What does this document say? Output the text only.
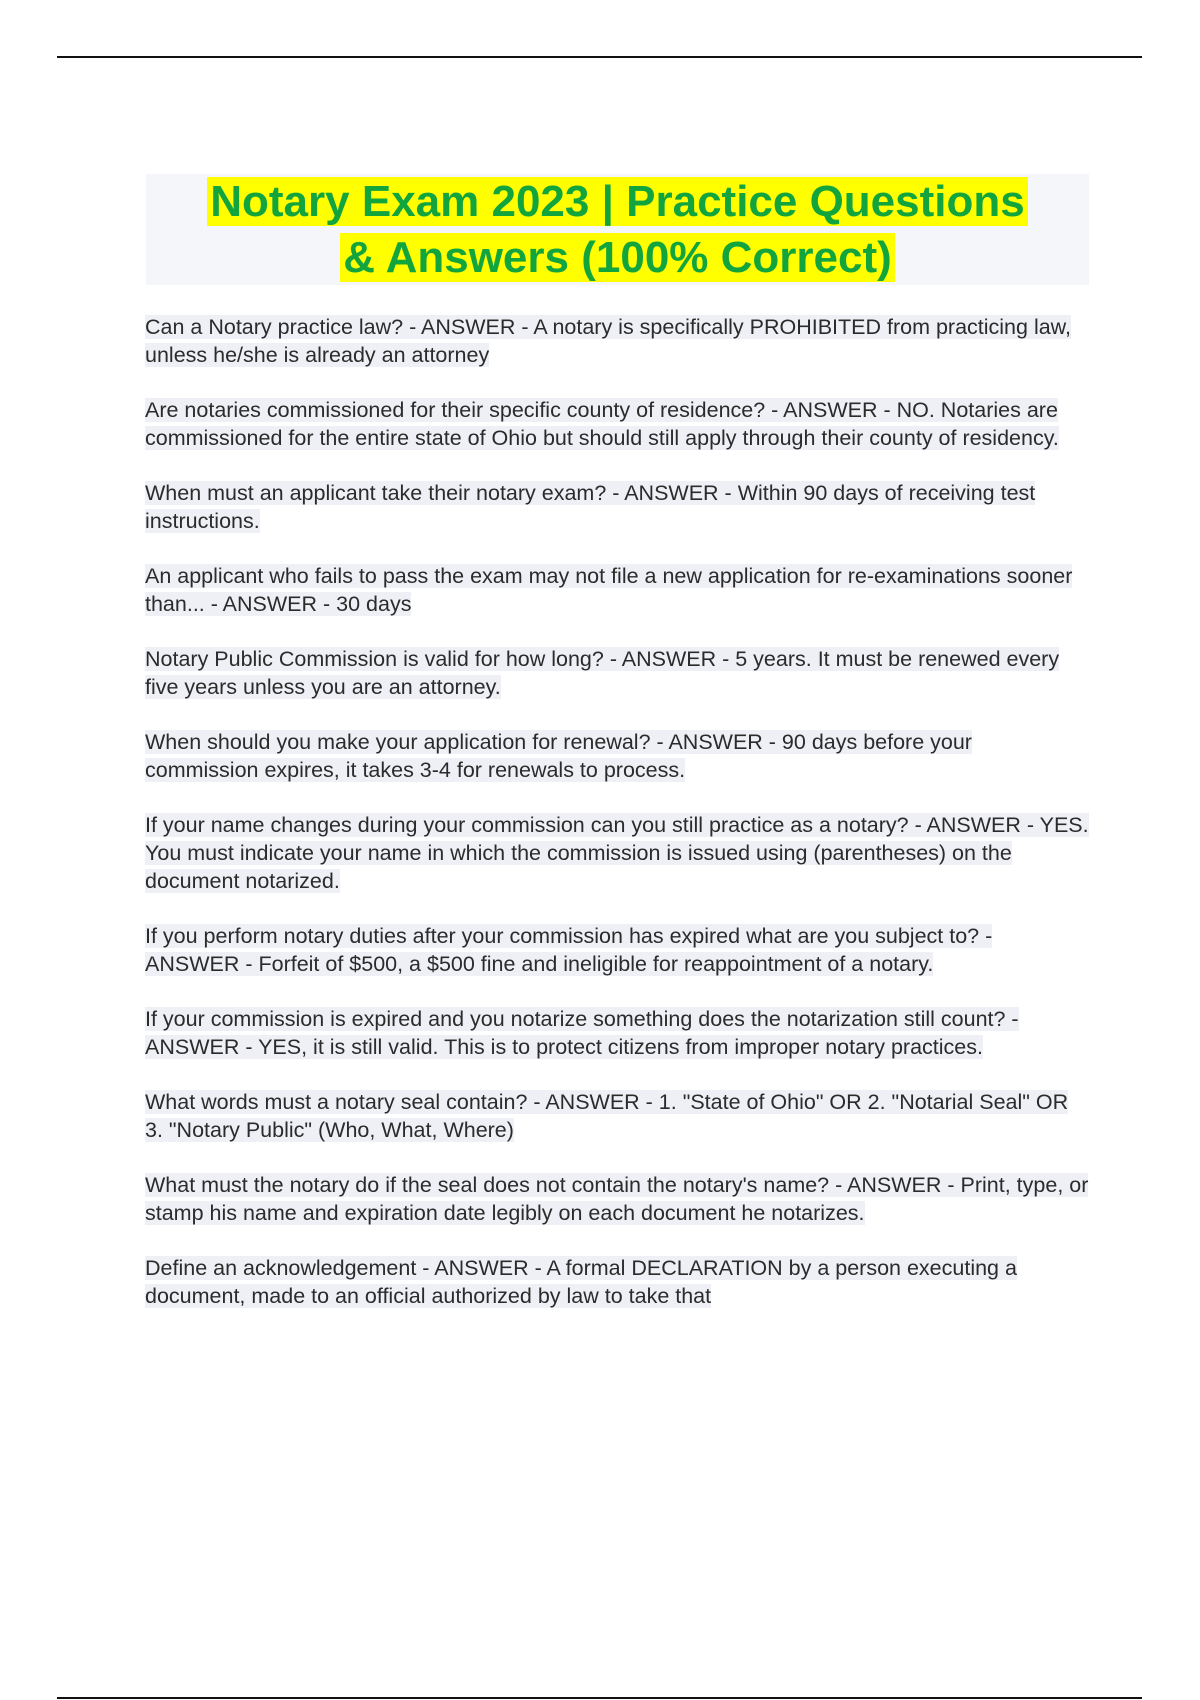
Notary Exam 2023 | Practice Questions
& Answers (100% Correct)

Can a Notary practice law? - ANSWER - A notary is specifically PROHIBITED from practicing law, unless he/she is already an attorney

Are notaries commissioned for their specific county of residence? - ANSWER - NO. Notaries are commissioned for the entire state of Ohio but should still apply through their county of residency.

When must an applicant take their notary exam? - ANSWER - Within 90 days of receiving test instructions.

An applicant who fails to pass the exam may not file a new application for re-examinations sooner than... - ANSWER - 30 days

Notary Public Commission is valid for how long? - ANSWER - 5 years. It must be renewed every five years unless you are an attorney.

When should you make your application for renewal? - ANSWER - 90 days before your commission expires, it takes 3-4 for renewals to process.

If your name changes during your commission can you still practice as a notary? - ANSWER - YES. You must indicate your name in which the commission is issued using (parentheses) on the document notarized.

If you perform notary duties after your commission has expired what are you subject to? - ANSWER - Forfeit of $500, a $500 fine and ineligible for reappointment of a notary.

If your commission is expired and you notarize something does the notarization still count? - ANSWER - YES, it is still valid. This is to protect citizens from improper notary practices.

What words must a notary seal contain? - ANSWER - 1. "State of Ohio" OR 2. "Notarial Seal" OR 3. "Notary Public" (Who, What, Where)

What must the notary do if the seal does not contain the notary's name? - ANSWER - Print, type, or stamp his name and expiration date legibly on each document he notarizes.

Define an acknowledgement - ANSWER - A formal DECLARATION by a person executing a document, made to an official authorized by law to take that
